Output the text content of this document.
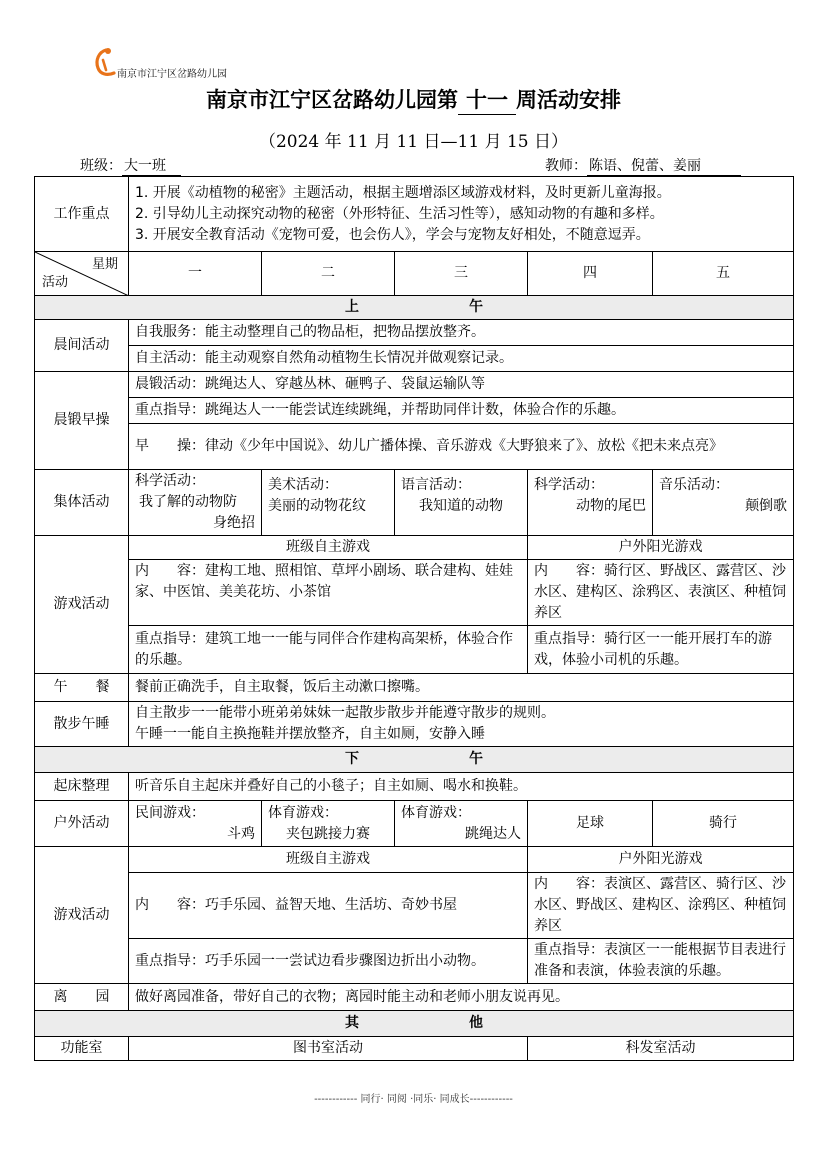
南京市江宁区岔路幼儿园
南京市江宁区岔路幼儿园第 十一 周活动安排
（2024 年 11 月 11 日—11 月 15 日）
班级： 大一班	教师： 陈语、倪蕾、姜丽
工作重点	1. 开展《动植物的秘密》主题活动，根据主题增添区域游戏材料，及时更新儿童海报。
2. 引导幼儿主动探究动物的秘密（外形特征、生活习性等），感知动物的有趣和多样。
3. 开展安全教育活动《宠物可爱，也会伤人》，学会与宠物友好相处，不随意逗弄。				

星期
活动	一	二	三	四	五
上 午					
晨间活动	自我服务：能主动整理自己的物品柜，把物品摆放整齐。				
	自主活动：能主动观察自然角动植物生长情况并做观察记录。				
晨锻早操	晨锻活动：跳绳达人、穿越丛林、砸鸭子、袋鼠运输队等				
	重点指导：跳绳达人一一能尝试连续跳绳，并帮助同伴计数，体验合作的乐趣。				
	早　　操：律动《少年中国说》、幼儿广播体操、音乐游戏《大野狼来了》、放松《把未来点亮》				
集体活动	科学活动：
我了解的动物防
身绝招	美术活动：
美丽的动物花纹	语言活动：
我知道的动物	科学活动：
动物的尾巴	音乐活动：
颠倒歌

游戏活动	班级自主游戏			户外阳光游戏	
	内　　容：建构工地、照相馆、草坪小剧场、联合建构、娃娃家、中医馆、美美花坊、小茶馆			内　　容：骑行区、野战区、露营区、沙水区、建构区、涂鸦区、表演区、种植饲养区	
	重点指导：建筑工地一一能与同伴合作建构高架桥，体验合作的乐趣。			重点指导：骑行区一一能开展打车的游戏，体验小司机的乐趣。	
午　　餐	餐前正确洗手，自主取餐，饭后主动漱口擦嘴。				
散步午睡	自主散步一一能带小班弟弟妹妹一起散步散步并能遵守散步的规则。
午睡一一能自主换拖鞋并摆放整齐，自主如厕，安静入睡				

下 午					
起床整理	听音乐自主起床并叠好自己的小毯子；自主如厕、喝水和换鞋。				
户外活动	民间游戏：
斗鸡	体育游戏：
夹包跳接力赛	体育游戏：
跳绳达人	足球	骑行
游戏活动	班级自主游戏			户外阳光游戏	
	内　　容：巧手乐园、益智天地、生活坊、奇妙书屋			内　　容：表演区、露营区、骑行区、沙水区、野战区、建构区、涂鸦区、种植饲养区	
	重点指导：巧手乐园一一尝试边看步骤图边折出小动物。			重点指导：表演区一一能根据节目表进行准备和表演，体验表演的乐趣。	
离　　园	做好离园准备，带好自己的衣物；离园时能主动和老师小朋友说再见。				
其 他					
功能室	图书室活动			科发室活动	
------------ 同行· 同阅 ·同乐· 同成长------------
